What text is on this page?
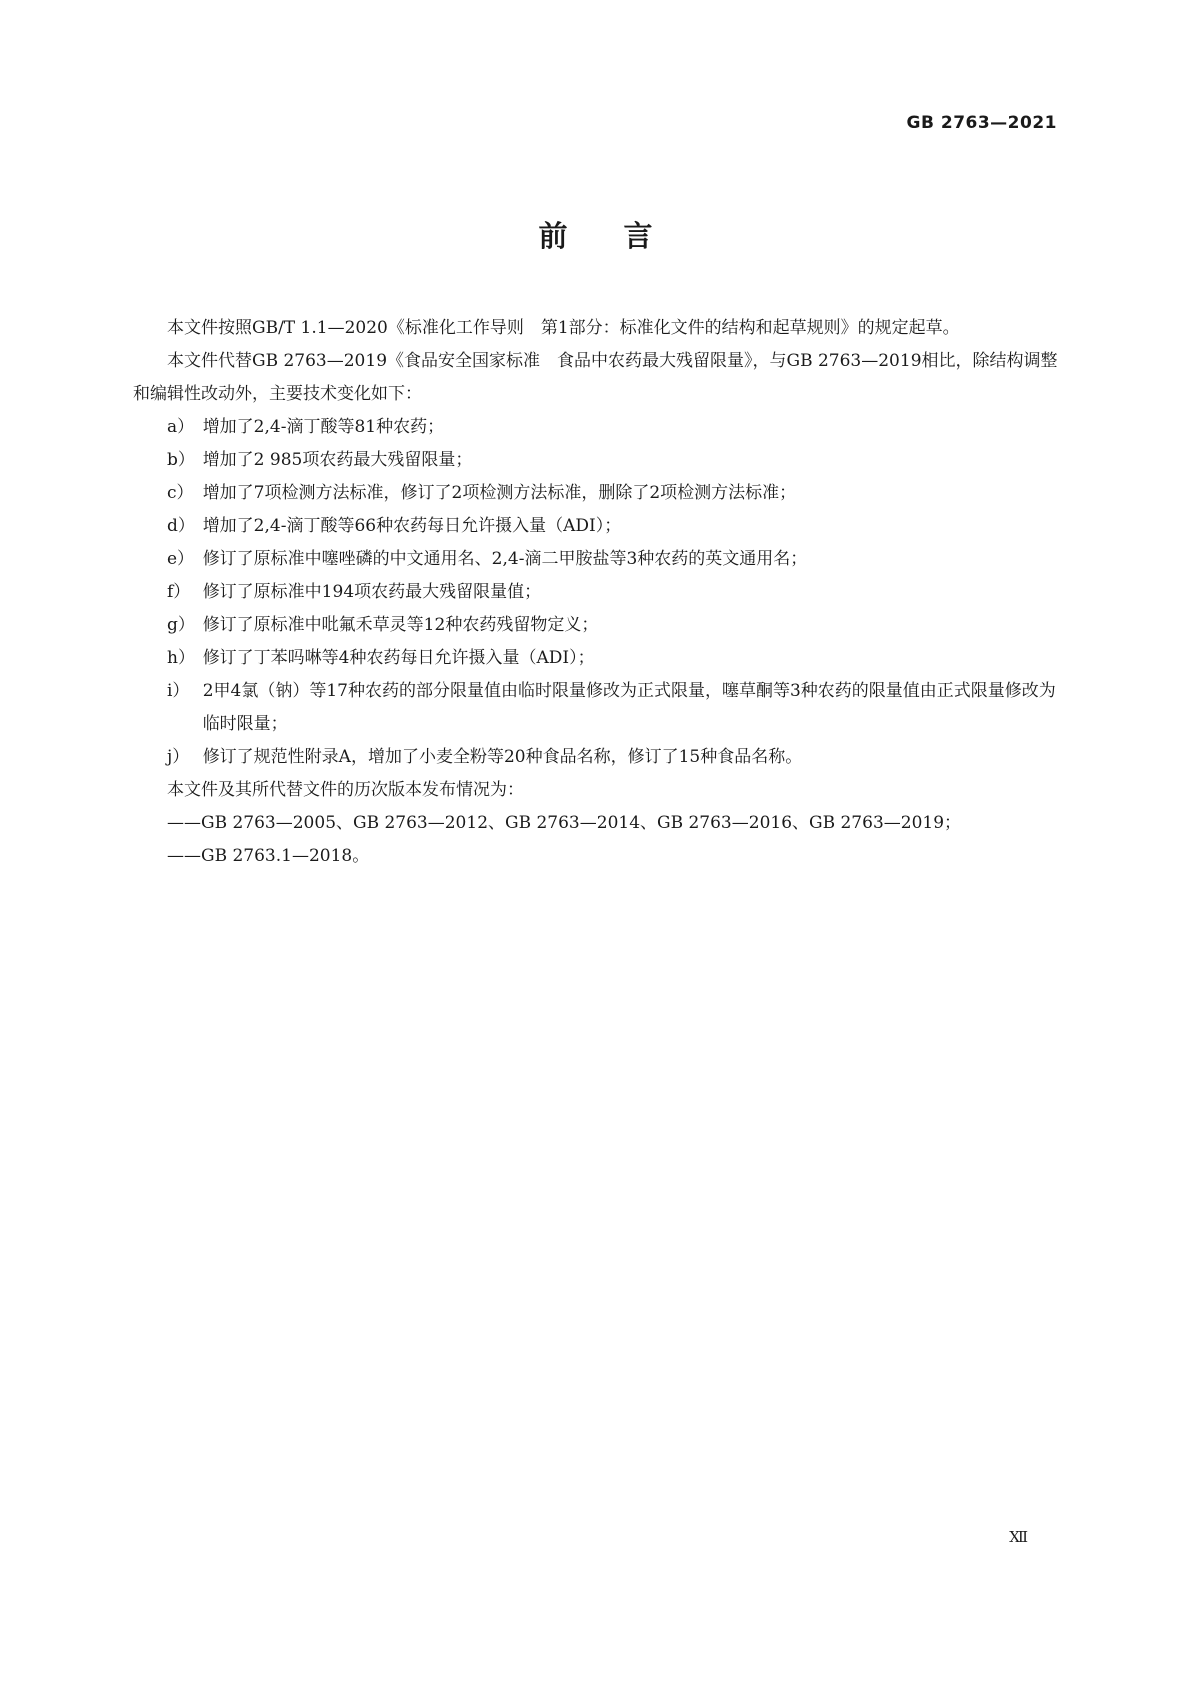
GB 2763—2021
前言

本文件按照GB/T 1.1—2020《标准化工作导则　第1部分：标准化文件的结构和起草规则》的规定起草。

本文件代替GB 2763—2019《食品安全国家标准　食品中农药最大残留限量》，与GB 2763—2019相比，除结构调整和编辑性改动外，主要技术变化如下：

a） 增加了2,4-滴丁酸等81种农药；
b） 增加了2 985项农药最大残留限量；
c） 增加了7项检测方法标准，修订了2项检测方法标准，删除了2项检测方法标准；
d） 增加了2,4-滴丁酸等66种农药每日允许摄入量（ADI）；
e） 修订了原标准中噻唑磷的中文通用名、2,4-滴二甲胺盐等3种农药的英文通用名；
f） 修订了原标准中194项农药最大残留限量值；
g） 修订了原标准中吡氟禾草灵等12种农药残留物定义；
h） 修订了丁苯吗啉等4种农药每日允许摄入量（ADI）；
i） 2甲4氯（钠）等17种农药的部分限量值由临时限量修改为正式限量，噻草酮等3种农药的限量值由正式限量修改为临时限量；
j） 修订了规范性附录A，增加了小麦全粉等20种食品名称，修订了15种食品名称。

本文件及其所代替文件的历次版本发布情况为：

——GB 2763—2005、GB 2763—2012、GB 2763—2014、GB 2763—2016、GB 2763—2019；

——GB 2763.1—2018。

Ⅻ
